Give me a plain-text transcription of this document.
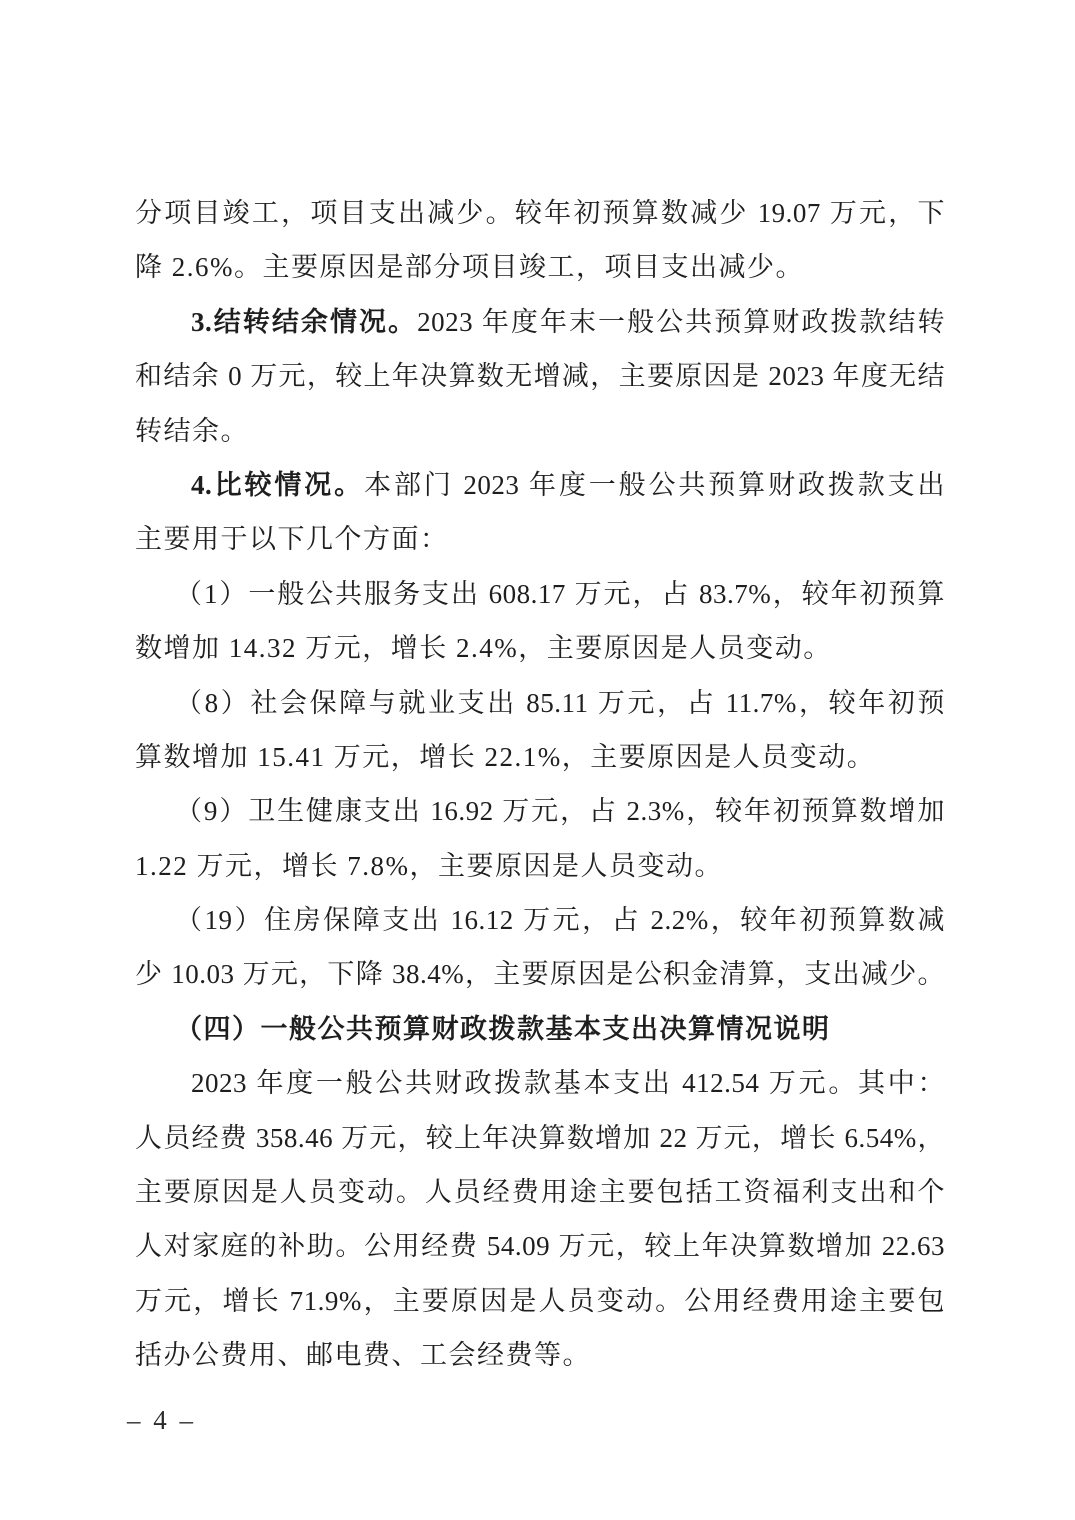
分项目竣工，项目支出减少。较年初预算数减少 19.07 万元，下
降 2.6%。主要原因是部分项目竣工，项目支出减少。
3.结转结余情况。2023 年度年末一般公共预算财政拨款结转
和结余 0 万元，较上年决算数无增减，主要原因是 2023 年度无结
转结余。
4.比较情况。本部门 2023 年度一般公共预算财政拨款支出
主要用于以下几个方面：
（1）一般公共服务支出 608.17 万元，占 83.7%，较年初预算
数增加 14.32 万元，增长 2.4%，主要原因是人员变动。
（8）社会保障与就业支出 85.11 万元，占 11.7%，较年初预
算数增加 15.41 万元，增长 22.1%，主要原因是人员变动。
（9）卫生健康支出 16.92 万元，占 2.3%，较年初预算数增加
1.22 万元，增长 7.8%，主要原因是人员变动。
（19）住房保障支出 16.12 万元，占 2.2%，较年初预算数减
少 10.03 万元，下降 38.4%，主要原因是公积金清算，支出减少。
（四）一般公共预算财政拨款基本支出决算情况说明
2023 年度一般公共财政拨款基本支出 412.54 万元。其中：
人员经费 358.46 万元，较上年决算数增加 22 万元，增长 6.54%，
主要原因是人员变动。人员经费用途主要包括工资福利支出和个
人对家庭的补助。公用经费 54.09 万元，较上年决算数增加 22.63
万元，增长 71.9%，主要原因是人员变动。公用经费用途主要包
括办公费用、邮电费、工会经费等。
– 4 –
